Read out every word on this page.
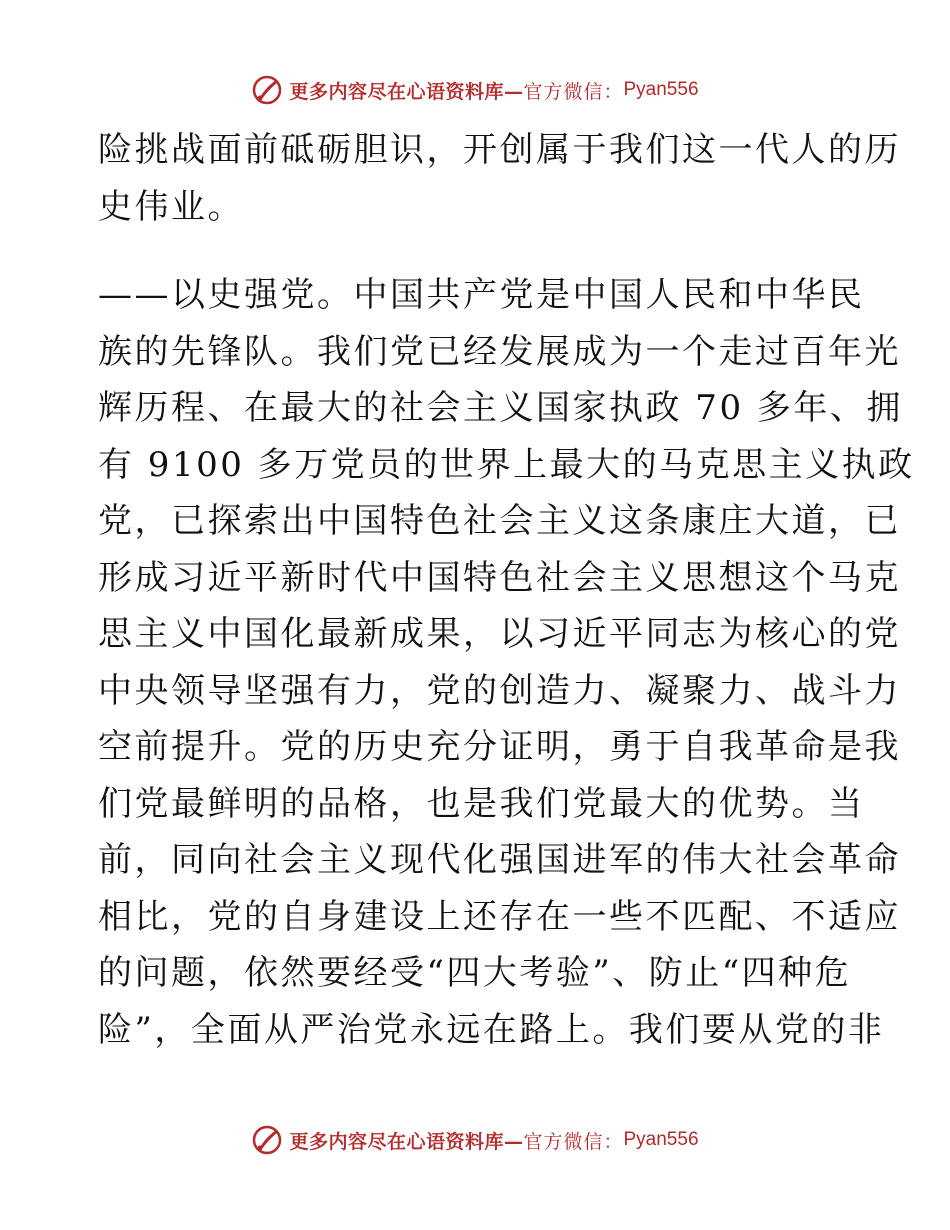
更多内容尽在心语资料库— 官方微信： Pyan556
险挑战面前砥砺胆识，开创属于我们这一代人的历
史伟业。
——以史强党。中国共产党是中国人民和中华民
族的先锋队。我们党已经发展成为一个走过百年光
辉历程、在最大的社会主义国家执政 70 多年、拥
有 9100 多万党员的世界上最大的马克思主义执政
党，已探索出中国特色社会主义这条康庄大道，已
形成习近平新时代中国特色社会主义思想这个马克
思主义中国化最新成果，以习近平同志为核心的党
中央领导坚强有力，党的创造力、凝聚力、战斗力
空前提升。党的历史充分证明，勇于自我革命是我
们党最鲜明的品格，也是我们党最大的优势。当
前，同向社会主义现代化强国进军的伟大社会革命
相比，党的自身建设上还存在一些不匹配、不适应
的问题，依然要经受“四大考验”、防止“四种危
险”，全面从严治党永远在路上。我们要从党的非
更多内容尽在心语资料库— 官方微信： Pyan556
